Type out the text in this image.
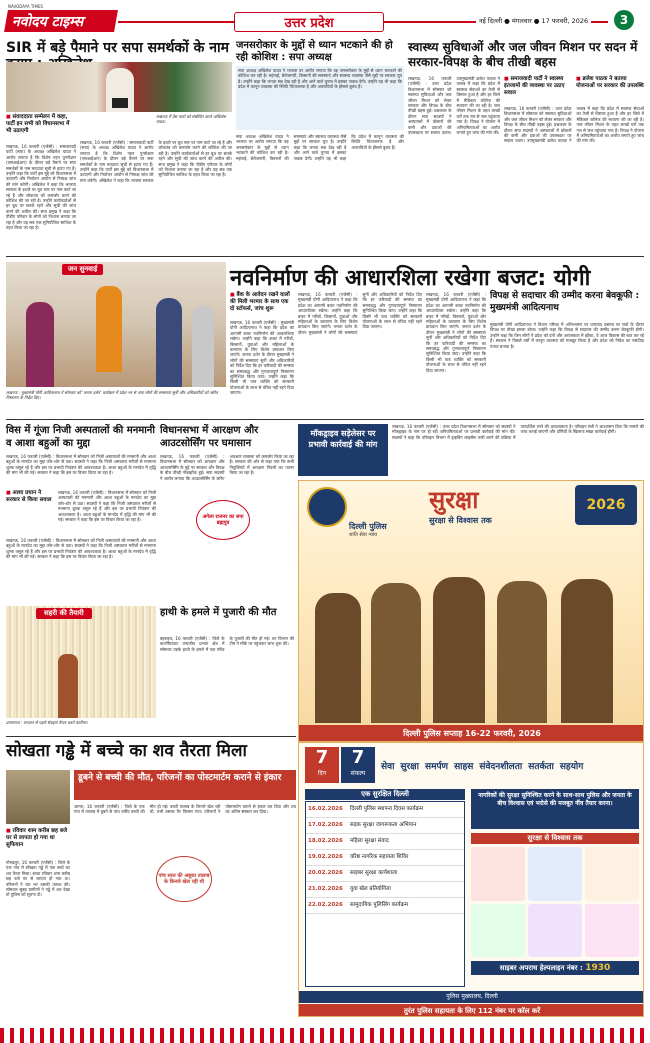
NAVODAYA TIMES
नवोदय टाइम्स	उत्तर प्रदेश	नई दिल्ली ● मंगलवार ● 17 फरवरी, 2026	3
SIR में बड़े पैमाने पर सपा समर्थकों के नाम
लखनऊ में प्रेस वार्ता को संबोधित करते अखिलेश यादव।
■ संवाददाता सम्मेलन में कहा, पार्टी इन सभी को विधानसभा में भी उठाएगी
लखनऊ, 16 फरवरी (एजेंसी) : समाजवादी पार्टी (सपा) के अध्यक्ष अखिलेश यादव ने आरोप लगाया है कि विशेष गहन पुनरीक्षण (एसआईआर) के दौरान बड़े पैमाने पर सपा समर्थकों के नाम मतदाता सूची से हटाए गए हैं। उन्होंने कहा कि पार्टी इस मुद्दे को विधानसभा में उठाएगी और निर्वाचन आयोग से निष्पक्ष जांच की मांग करेगी। अखिलेश ने कहा कि भाजपा सरकार के इशारे पर बूथ स्तर पर नाम काटे जा रहे हैं और लोकतंत्र को कमजोर करने की कोशिश की जा रही है। उन्होंने कार्यकर्ताओं से हर बूथ पर सतर्क रहने और सूची की जांच करने की अपील की। सपा प्रमुख ने कहा कि पीडीए परिवार के लोगों को निशाना बनाया जा रहा है और यह सब एक सुनियोजित साजिश के तहत किया जा रहा है।
लखनऊ, 16 फरवरी (एजेंसी) : समाजवादी पार्टी (सपा) के अध्यक्ष अखिलेश यादव ने आरोप लगाया है कि विशेष गहन पुनरीक्षण (एसआईआर) के दौरान बड़े पैमाने पर सपा समर्थकों के नाम मतदाता सूची से हटाए गए हैं। उन्होंने कहा कि पार्टी इस मुद्दे को विधानसभा में उठाएगी और निर्वाचन आयोग से निष्पक्ष जांच की मांग करेगी। अखिलेश ने कहा कि भाजपा सरकार के इशारे पर बूथ स्तर पर नाम काटे जा रहे हैं और लोकतंत्र को कमजोर करने की कोशिश की जा रही है। उन्होंने कार्यकर्ताओं से हर बूथ पर सतर्क रहने और सूची की जांच करने की अपील की। सपा प्रमुख ने कहा कि पीडीए परिवार के लोगों को निशाना बनाया जा रहा है और यह सब एक सुनियोजित साजिश के तहत किया जा रहा है।
जनसरोकार के मुद्दों से ध्यान भटकाने की हो रही कोशिश : सपा अध्यक्ष
सपा अध्यक्ष अखिलेश यादव ने भाजपा पर आरोप लगाया कि वह जनसरोकार के मुद्दों से ध्यान भटकाने की कोशिश कर रही है। महंगाई, बेरोजगारी, किसानों की समस्याएं और स्वास्थ्य व्यवस्था जैसे मुद्दों पर सरकार चुप है। उन्होंने कहा कि जनता सब देख रही है और आने वाले चुनाव में इसका जवाब देगी। उन्होंने यह भी कहा कि प्रदेश में कानून व्यवस्था की स्थिति चिंताजनक है और अपराधियों के हौसले बुलंद हैं।
सपा अध्यक्ष अखिलेश यादव ने भाजपा पर आरोप लगाया कि वह जनसरोकार के मुद्दों से ध्यान भटकाने की कोशिश कर रही है। महंगाई, बेरोजगारी, किसानों की समस्याएं और स्वास्थ्य व्यवस्था जैसे मुद्दों पर सरकार चुप है। उन्होंने कहा कि जनता सब देख रही है और आने वाले चुनाव में इसका जवाब देगी। उन्होंने यह भी कहा कि प्रदेश में कानून व्यवस्था की स्थिति चिंताजनक है और अपराधियों के हौसले बुलंद हैं।
स्वास्थ्य सुविधाओं और जल जीवन मिशन पर सदन में सरकार-विपक्ष के बीच तीखी बहस
लखनऊ, 16 फरवरी (एजेंसी) : उत्तर प्रदेश विधानसभा में सोमवार को स्वास्थ्य सुविधाओं और जल जीवन मिशन को लेकर सरकार और विपक्ष के बीच तीखी बहस हुई। प्रश्नकाल के दौरान सपा सदस्यों ने अस्पतालों में डॉक्टरों की कमी और दवाओं की उपलब्धता पर सवाल उठाए। उपमुख्यमंत्री ब्रजेश पाठक ने जवाब में कहा कि प्रदेश में स्वास्थ्य सेवाओं का तेजी से विस्तार हुआ है और हर जिले में मेडिकल कॉलेज की स्थापना की जा रही है। जल जीवन मिशन के तहत लाखों घरों तक नल से जल पहुंचाया गया है। विपक्ष ने योजना में अनियमितताओं का आरोप लगाते हुए जांच की मांग की।
■ समाजवादी पार्टी ने स्वास्थ्य इंतजामों की व्यवस्था पर उठाए सवाल
■ ब्रजेश पाठक ने बताया योजनाओं पर सरकार की उपलब्धि
लखनऊ, 16 फरवरी (एजेंसी) : उत्तर प्रदेश विधानसभा में सोमवार को स्वास्थ्य सुविधाओं और जल जीवन मिशन को लेकर सरकार और विपक्ष के बीच तीखी बहस हुई। प्रश्नकाल के दौरान सपा सदस्यों ने अस्पतालों में डॉक्टरों की कमी और दवाओं की उपलब्धता पर सवाल उठाए। उपमुख्यमंत्री ब्रजेश पाठक ने जवाब में कहा कि प्रदेश में स्वास्थ्य सेवाओं का तेजी से विस्तार हुआ है और हर जिले में मेडिकल कॉलेज की स्थापना की जा रही है। जल जीवन मिशन के तहत लाखों घरों तक नल से जल पहुंचाया गया है। विपक्ष ने योजना में अनियमितताओं का आरोप लगाते हुए जांच की मांग की।
नवनिर्माण की आधारशिला रखेगा बजट: योगी
जन सुनवाई
लखनऊ : मुख्यमंत्री योगी आदित्यनाथ ने सोमवार को 'जनता दर्शन' कार्यक्रम में प्रदेश भर से आए लोगों की समस्याएं सुनीं और अधिकारियों को त्वरित निस्तारण के निर्देश दिए।
■ बैंक के आवेदन रखने वालों की मिली भरमार के साथ एक दो स्टॉफर्स, जांच शुरू
लखनऊ, 16 फरवरी (एजेंसी) : मुख्यमंत्री योगी आदित्यनाथ ने कहा कि प्रदेश का आगामी बजट नवनिर्माण की आधारशिला रखेगा। उन्होंने कहा कि बजट में गरीबों, किसानों, युवाओं और महिलाओं के कल्याण के लिए विशेष प्रावधान किए जाएंगे। जनता दर्शन के दौरान मुख्यमंत्री ने लोगों की समस्याएं सुनीं और अधिकारियों को निर्देश दिए कि हर फरियादी की समस्या का समयबद्ध और गुणवत्तापूर्ण निस्तारण सुनिश्चित किया जाए। उन्होंने कहा कि किसी भी पात्र व्यक्ति को सरकारी योजनाओं के लाभ से वंचित नहीं रहने दिया जाएगा।
लखनऊ, 16 फरवरी (एजेंसी) : मुख्यमंत्री योगी आदित्यनाथ ने कहा कि प्रदेश का आगामी बजट नवनिर्माण की आधारशिला रखेगा। उन्होंने कहा कि बजट में गरीबों, किसानों, युवाओं और महिलाओं के कल्याण के लिए विशेष प्रावधान किए जाएंगे। जनता दर्शन के दौरान मुख्यमंत्री ने लोगों की समस्याएं सुनीं और अधिकारियों को निर्देश दिए कि हर फरियादी की समस्या का समयबद्ध और गुणवत्तापूर्ण निस्तारण सुनिश्चित किया जाए। उन्होंने कहा कि किसी भी पात्र व्यक्ति को सरकारी योजनाओं के लाभ से वंचित नहीं रहने दिया जाएगा।
लखनऊ, 16 फरवरी (एजेंसी) : मुख्यमंत्री योगी आदित्यनाथ ने कहा कि प्रदेश का आगामी बजट नवनिर्माण की आधारशिला रखेगा। उन्होंने कहा कि बजट में गरीबों, किसानों, युवाओं और महिलाओं के कल्याण के लिए विशेष प्रावधान किए जाएंगे। जनता दर्शन के दौरान मुख्यमंत्री ने लोगों की समस्याएं सुनीं और अधिकारियों को निर्देश दिए कि हर फरियादी की समस्या का समयबद्ध और गुणवत्तापूर्ण निस्तारण सुनिश्चित किया जाए। उन्होंने कहा कि किसी भी पात्र व्यक्ति को सरकारी योजनाओं के लाभ से वंचित नहीं रहने दिया जाएगा।
विपक्ष से सदाचार की उम्मीद करना बेवकूफी : मुख्यमंत्री आदित्यनाथ
मुख्यमंत्री योगी आदित्यनाथ ने विधान परिषद में अभिभाषण पर धन्यवाद प्रस्ताव पर चर्चा के दौरान विपक्ष पर तीखा हमला बोला। उन्होंने कहा कि विपक्ष से सदाचार की उम्मीद करना बेवकूफी होगी। उन्होंने कहा कि जिन लोगों ने प्रदेश को दंगों और अराजकता में झोंका, वे आज विकास की बात कर रहे हैं। सरकार ने पिछले वर्षों में कानून व्यवस्था को मजबूत किया है और प्रदेश को निवेश का पसंदीदा गंतव्य बनाया है।
मॉकड्राइव सड़ेलेसर पर प्रभावी कार्रवाई की मांग
लखनऊ, 16 फरवरी (एजेंसी) : उत्तर प्रदेश विधानसभा में सोमवार को सदस्यों ने मॉकड्राइव के नाम पर हो रही अनियमितताओं पर प्रभावी कार्रवाई की मांग की। सदस्यों ने कहा कि परिवहन विभाग में ड्राइविंग लाइसेंस जारी करने की प्रक्रिया में पारदर्शिता लाने की आवश्यकता है। परिवहन मंत्री ने आश्वासन दिया कि मामले की जांच कराई जाएगी और दोषियों के खिलाफ सख्त कार्रवाई होगी।
विस में गूंजा निजी अस्पतालों की मनमानी व आशा बहुओं का मुद्दा
लखनऊ, 16 फरवरी (एजेंसी) : विधानसभा में सोमवार को निजी अस्पतालों की मनमानी और आशा बहुओं के मानदेय का मुद्दा जोर-शोर से उठा। सदस्यों ने कहा कि निजी अस्पताल मरीजों से मनमाना शुल्क वसूल रहे हैं और इस पर प्रभावी नियंत्रण की आवश्यकता है। आशा बहुओं के मानदेय में वृद्धि की मांग भी की गई। सरकार ने कहा कि इस पर विचार किया जा रहा है।
■ आशा प्रधान ने सरकार से किया सवाल
लखनऊ, 16 फरवरी (एजेंसी) : विधानसभा में सोमवार को निजी अस्पतालों की मनमानी और आशा बहुओं के मानदेय का मुद्दा जोर-शोर से उठा। सदस्यों ने कहा कि निजी अस्पताल मरीजों से मनमाना शुल्क वसूल रहे हैं और इस पर प्रभावी नियंत्रण की आवश्यकता है। आशा बहुओं के मानदेय में वृद्धि की मांग भी की गई। सरकार ने कहा कि इस पर विचार किया जा रहा है।
लखनऊ, 16 फरवरी (एजेंसी) : विधानसभा में सोमवार को निजी अस्पतालों की मनमानी और आशा बहुओं के मानदेय का मुद्दा जोर-शोर से उठा। सदस्यों ने कहा कि निजी अस्पताल मरीजों से मनमाना शुल्क वसूल रहे हैं और इस पर प्रभावी नियंत्रण की आवश्यकता है। आशा बहुओं के मानदेय में वृद्धि की मांग भी की गई। सरकार ने कहा कि इस पर विचार किया जा रहा है।
विधानसभा में आरक्षण और आउटसोर्सिंग पर घमासान
लखनऊ, 16 फरवरी (एजेंसी) : विधानसभा में सोमवार को आरक्षण और आउटसोर्सिंग के मुद्दे पर सरकार और विपक्ष के बीच तीखी नोकझोंक हुई। सपा सदस्यों ने आरोप लगाया कि आउटसोर्सिंग के जरिए आरक्षण व्यवस्था को कमजोर किया जा रहा है। सरकार की ओर से कहा गया कि सभी नियुक्तियों में आरक्षण नियमों का पालन किया जा रहा है।
अगेला राजनर का सपा ब्रह्मपुत्र
सहरी की तैयारी
प्रयागराज : रमज़ान से पहले सेवइयां तैयार करते कारीगर।
हाथी के हमले में पुजारी की मौत
बहराइच, 16 फरवरी (एजेंसी) : जिले के कतर्नियाघाट वन्यजीव प्रभाग क्षेत्र में सोमवार तड़के हाथी के हमले में एक मंदिर के पुजारी की मौत हो गई। वन विभाग की टीम ने मौके पर पहुंचकर जांच शुरू की।
दिल्ली पुलिस
शांति सेवा न्याय
सुरक्षा
सुरक्षा से विश्वास तक
2026
दिल्ली पुलिस सप्ताह 16-22 फरवरी, 2026
7
दिन
7
संकल्प
सेवा सुरक्षा समर्पण साहस संवेदनशीलता सतर्कता सहयोग
एक सुरक्षित दिल्ली
16.02.2026	दिल्ली पुलिस स्थापना दिवस कार्यक्रम
17.02.2026	सड़क सुरक्षा जागरूकता अभियान
18.02.2026	महिला सुरक्षा संवाद
19.02.2026	वरिष्ठ नागरिक सहायता शिविर
20.02.2026	साइबर सुरक्षा कार्यशाला
21.02.2026	युवा खेल प्रतियोगिता
22.02.2026	सामुदायिक पुलिसिंग कार्यक्रम
नागरिकों की सुरक्षा सुनिश्चित करने के साथ-साथ पुलिस और जनता के बीच विश्वास एवं भरोसे की मजबूत नींव तैयार करना।
सुरक्षा से विश्वास तक
साइबर अपराध हेल्पलाइन नंबर : 1930
पुलिस मुख्यालय, दिल्ली
तुरंत पुलिस सहायता के लिए 112 नंबर पर कॉल करें
सोखता गड्ढे में बच्चे का शव तैरता मिला
■ रविवार शाम करीब छह बजे घर से लापता हो गया था सुफियान
गोरखपुर, 16 फरवरी (एजेंसी) : जिले के एक गांव में सोखता गड्ढे में एक बच्चे का शव तैरता मिला। बच्चा रविवार शाम करीब छह बजे घर से लापता हो गया था। परिजनों ने रात भर उसकी तलाश की। सोमवार सुबह ग्रामीणों ने गड्ढे में शव देखा तो पुलिस को सूचना दी।
डूबने से बच्ची की मौत, परिजनों का पोस्टमार्टम कराने से इंकार
आगरा, 16 फरवरी (एजेंसी) : जिले के एक गांव में तालाब में डूबने से पांच वर्षीय बच्ची की मौत हो गई। बच्ची तालाब के किनारे खेल रही थी, तभी उसका पैर फिसल गया। परिजनों ने पोस्टमार्टम कराने से इंकार कर दिया और शव का अंतिम संस्कार कर दिया।
पांच साल की अबूका तालाब के किनारे खेल रही थी
